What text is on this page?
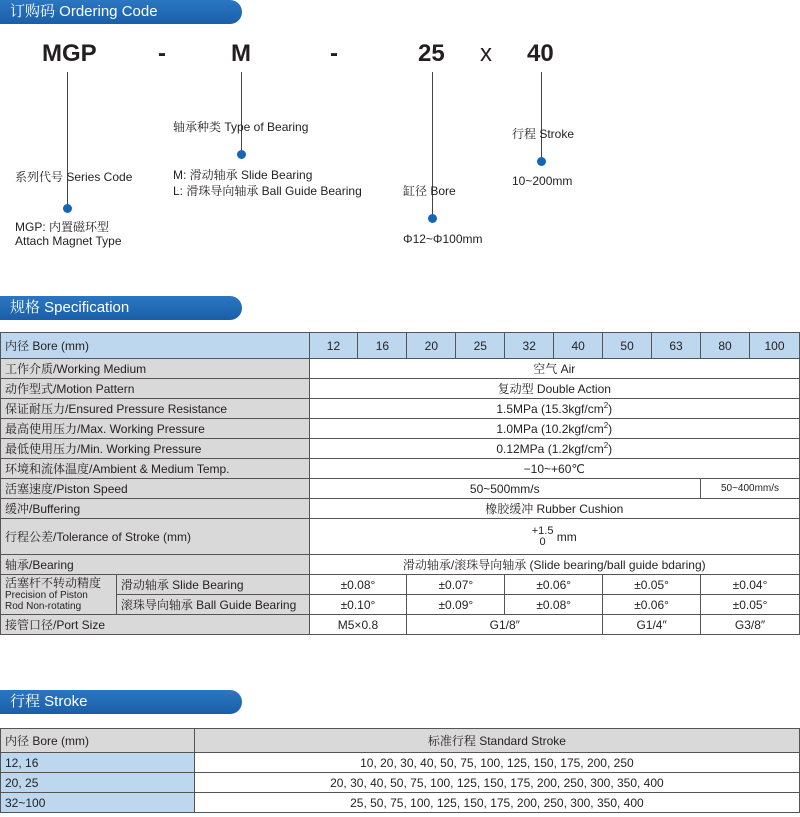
订购码 Ordering Code
MGP	-	M	-	25 x 40
系列代号 Series Code
MGP: 内置磁环型
Attach Magnet Type
轴承种类 Type of Bearing
M: 滑动轴承 Slide Bearing
L: 滑珠导向轴承 Ball Guide Bearing	缸径 Bore
Φ12~Φ100mm
行程 Stroke
10~200mm
规格 Specification
内径 Bore (mm)		12	16	20	25	32	40	50	63	80	100
工作介质/Working Medium		空气 Air									
动作型式/Motion Pattern		复动型 Double Action									
保证耐压力/Ensured Pressure Resistance		1.5MPa $(15.3kgf/cm^2)$									
最高使用压力/Max. Working Pressure		1.0MPa $(10.2kgf/cm^2)$									
最低使用压力/Min. Working Pressure		0.12MPa $(1.2kgf/cm^2)$									
环境和流体温度/Ambient & Medium Temp.		−10~+60℃									
活塞速度/Piston Speed		50~500mm/s								50~400mm/s	
缓冲/Buffering		橡胶缓冲 Rubber Cushion									
行程公差/Tolerance of Stroke (mm)		+1.5
0 mm									
轴承/Bearing		滑动轴承/滚珠导向轴承 (Slide bearing/ball guide bdaring)									
活塞杆不转动精度
Precision of Piston
Rod Non-rotating	滑动轴承 Slide Bearing	±0.08°		±0.07°		±0.06°		±0.05°		±0.04°	
	滚珠导向轴承 Ball Guide Bearing	±0.10°		±0.09°		±0.08°		±0.06°		±0.05°	
接管口径/Port Size		M5×0.8		G1/8″				G1/4″		G3/8″	
行程 Stroke
内径 Bore (mm)	标准行程 Standard Stroke
12, 16	10, 20, 30, 40, 50, 75, 100, 125, 150, 175, 200, 250
20, 25	20, 30, 40, 50, 75, 100, 125, 150, 175, 200, 250, 300, 350, 400
32~100	25, 50, 75, 100, 125, 150, 175, 200, 250, 300, 350, 400
